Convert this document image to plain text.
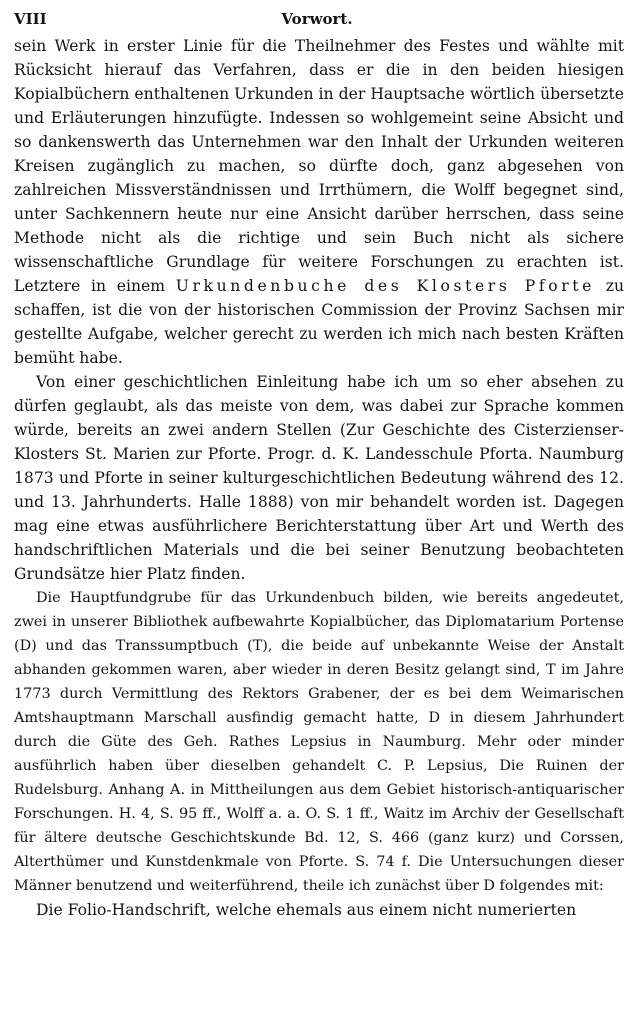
VIII	Vorwort.

sein Werk in erster Linie für die Theilnehmer des Festes und wählte mit Rücksicht hierauf das Verfahren, dass er die in den beiden hiesigen Kopialbüchern enthaltenen Urkunden in der Hauptsache wörtlich übersetzte und Erläuterungen hinzufügte. Indessen so wohlgemeint seine Absicht und so dankenswerth das Unternehmen war den Inhalt der Urkunden weiteren Kreisen zugänglich zu machen, so dürfte doch, ganz abgesehen von zahlreichen Missverständnissen und Irrthümern, die Wolff begegnet sind, unter Sachkennern heute nur eine Ansicht darüber herrschen, dass seine Methode nicht als die richtige und sein Buch nicht als sichere wissenschaftliche Grundlage für weitere Forschungen zu erachten ist. Letztere in einem Urkundenbuche des Klosters Pforte zu schaffen, ist die von der historischen Commission der Provinz Sachsen mir gestellte Aufgabe, welcher gerecht zu werden ich mich nach besten Kräften bemüht habe.

Von einer geschichtlichen Einleitung habe ich um so eher absehen zu dürfen geglaubt, als das meiste von dem, was dabei zur Sprache kommen würde, bereits an zwei andern Stellen (Zur Geschichte des Cisterzienser-Klosters St. Marien zur Pforte. Progr. d. K. Landesschule Pforta. Naumburg 1873 und Pforte in seiner kulturgeschichtlichen Bedeutung während des 12. und 13. Jahrhunderts. Halle 1888) von mir behandelt worden ist. Dagegen mag eine etwas ausführlichere Berichterstattung über Art und Werth des handschriftlichen Materials und die bei seiner Benutzung beobachteten Grundsätze hier Platz finden.

Die Hauptfundgrube für das Urkundenbuch bilden, wie bereits angedeutet, zwei in unserer Bibliothek aufbewahrte Kopialbücher, das Diplomatarium Portense (D) und das Transsumptbuch (T), die beide auf unbekannte Weise der Anstalt abhanden gekommen waren, aber wieder in deren Besitz gelangt sind, T im Jahre 1773 durch Vermittlung des Rektors Grabener, der es bei dem Weimarischen Amtshauptmann Marschall ausfindig gemacht hatte, D in diesem Jahrhundert durch die Güte des Geh. Rathes Lepsius in Naumburg. Mehr oder minder ausführlich haben über dieselben gehandelt C. P. Lepsius, Die Ruinen der Rudelsburg. Anhang A. in Mittheilungen aus dem Gebiet historisch-antiquarischer Forschungen. H. 4, S. 95 ff., Wolff a. a. O. S. 1 ff., Waitz im Archiv der Gesellschaft für ältere deutsche Geschichtskunde Bd. 12, S. 466 (ganz kurz) und Corssen, Alterthümer und Kunstdenkmale von Pforte. S. 74 f. Die Untersuchungen dieser Männer benutzend und weiterführend, theile ich zunächst über D folgendes mit:

Die Folio-Handschrift, welche ehemals aus einem nicht numerierten
